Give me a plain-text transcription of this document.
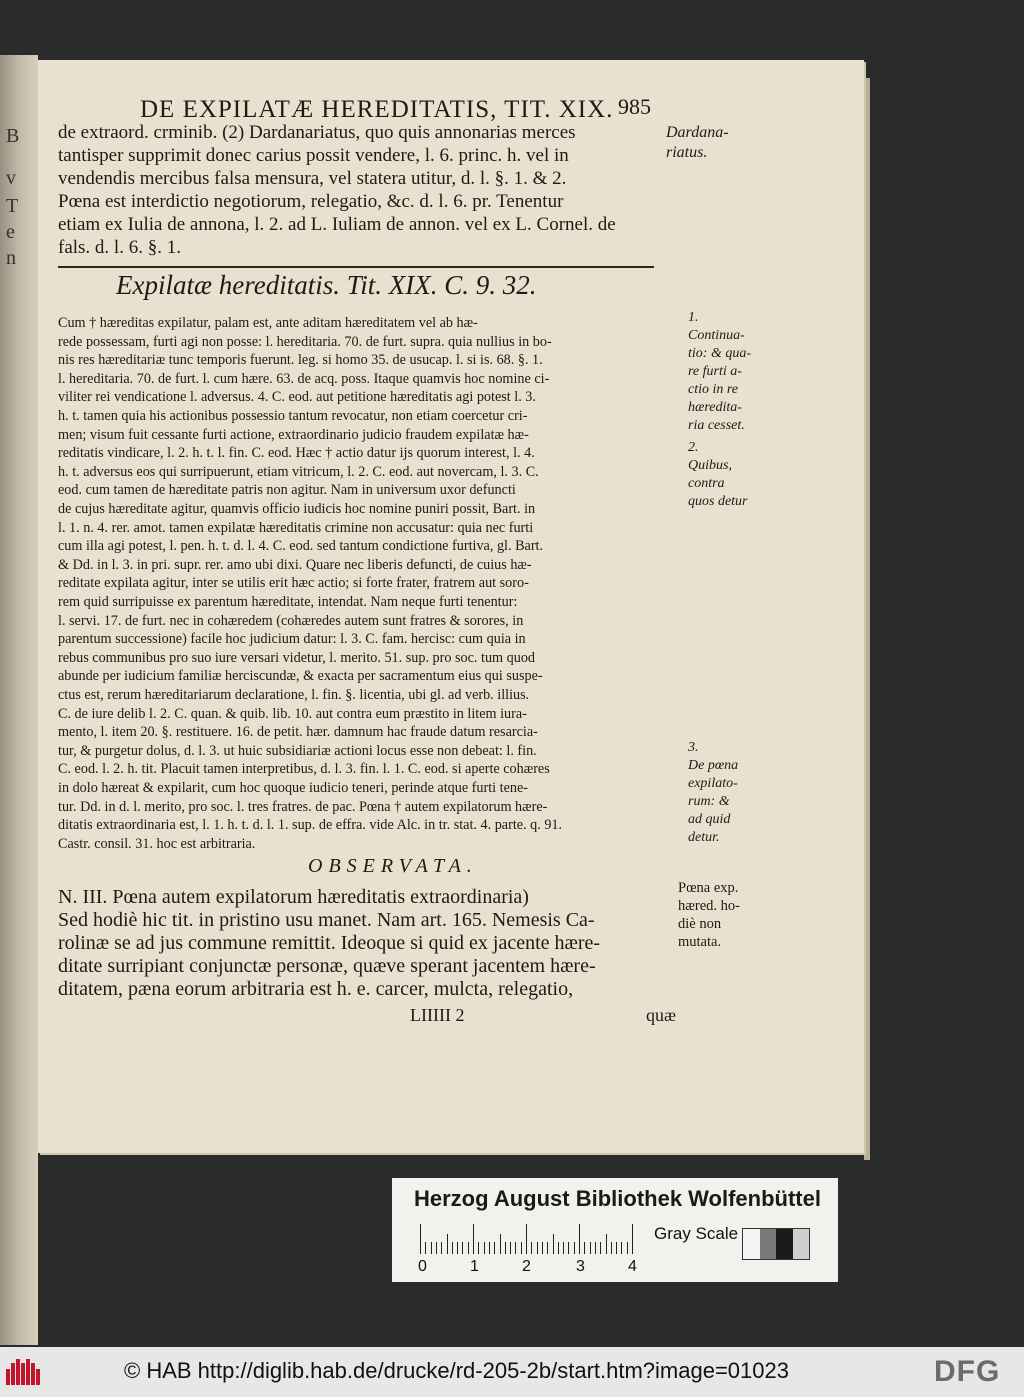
B
v
T
e
n
DE EXPILATÆ HEREDITATIS, TIT. XIX. 985
de extraord. crminib. (2) Dardanariatus, quo quis annonarias merces
tantisper supprimit donec carius possit vendere, l. 6. princ. h. vel in
vendendis mercibus falsa mensura, vel statera utitur, d. l. §. 1. & 2.
Pœna est interdictio negotiorum, relegatio, &c. d. l. 6. pr. Tenentur
etiam ex Iulia de annona, l. 2. ad L. Iuliam de annon. vel ex L. Cornel. de
fals. d. l. 6. §. 1.
Dardana-
riatus.
Expilatæ hereditatis. Tit. XIX. C. 9. 32.
Cum † hæreditas expilatur, palam est, ante aditam hæreditatem vel ab hæ-
rede possessam, furti agi non posse: l. hereditaria. 70. de furt. supra. quia nullius in bo-
nis res hæreditariæ tunc temporis fuerunt. leg. si homo 35. de usucap. l. si is. 68. §. 1.
l. hereditaria. 70. de furt. l. cum hære. 63. de acq. poss. Itaque quamvis hoc nomine ci-
viliter rei vendicatione l. adversus. 4. C. eod. aut petitione hæreditatis agi potest l. 3.
h. t. tamen quia his actionibus possessio tantum revocatur, non etiam coercetur cri-
men; visum fuit cessante furti actione, extraordinario judicio fraudem expilatæ hæ-
reditatis vindicare, l. 2. h. t. l. fin. C. eod. Hæc † actio datur ijs quorum interest, l. 4.
h. t. adversus eos qui surripuerunt, etiam vitricum, l. 2. C. eod. aut novercam, l. 3. C.
eod. cum tamen de hæreditate patris non agitur. Nam in universum uxor defuncti
de cujus hæreditate agitur, quamvis officio iudicis hoc nomine puniri possit, Bart. in
l. 1. n. 4. rer. amot. tamen expilatæ hæreditatis crimine non accusatur: quia nec furti
cum illa agi potest, l. pen. h. t. d. l. 4. C. eod. sed tantum condictione furtiva, gl. Bart.
& Dd. in l. 3. in pri. supr. rer. amo ubi dixi. Quare nec liberis defuncti, de cuius hæ-
reditate expilata agitur, inter se utilis erit hæc actio; si forte frater, fratrem aut soro-
rem quid surripuisse ex parentum hæreditate, intendat. Nam neque furti tenentur:
l. servi. 17. de furt. nec in cohæredem (cohæredes autem sunt fratres & sorores, in
parentum successione) facile hoc judicium datur: l. 3. C. fam. hercisc: cum quia in
rebus communibus pro suo iure versari videtur, l. merito. 51. sup. pro soc. tum quod
abunde per iudicium familiæ herciscundæ, & exacta per sacramentum eius qui suspe-
ctus est, rerum hæreditariarum declaratione, l. fin. §. licentia, ubi gl. ad verb. illius.
C. de iure delib l. 2. C. quan. & quib. lib. 10. aut contra eum præstito in litem iura-
mento, l. item 20. §. restituere. 16. de petit. hær. damnum hac fraude datum resarcia-
tur, & purgetur dolus, d. l. 3. ut huic subsidiariæ actioni locus esse non debeat: l. fin.
C. eod. l. 2. h. tit. Placuit tamen interpretibus, d. l. 3. fin. l. 1. C. eod. si aperte cohæres
in dolo hæreat & expilarit, cum hoc quoque iudicio teneri, perinde atque furti tene-
tur. Dd. in d. l. merito, pro soc. l. tres fratres. de pac. Pœna † autem expilatorum hære-
ditatis extraordinaria est, l. 1. h. t. d. l. 1. sup. de effra. vide Alc. in tr. stat. 4. parte. q. 91.
Castr. consil. 31. hoc est arbitraria.
1.
Continua-
tio: & qua-
re furti a-
ctio in re
hæredita-
ria cesset.
2.
Quibus,
contra
quos detur
3.
De pœna
expilato-
rum: &
ad quid
detur.
OBSERVATA.
N. III. Pœna autem expilatorum hæreditatis extraordinaria)
Sed hodiè hic tit. in pristino usu manet. Nam art. 165. Nemesis Ca-
rolinæ se ad jus commune remittit. Ideoque si quid ex jacente hære-
ditate surripiant conjunctæ personæ, quæve sperant jacentem hære-
ditatem, pæna eorum arbitraria est h. e. carcer, mulcta, relegatio,
Pœna exp.
hæred. ho-
diè non
mutata.
LIIIII 2	quæ
Herzog August Bibliothek Wolfenbüttel
0	1	2	3	4
Gray Scale
© HAB http://diglib.hab.de/drucke/rd-205-2b/start.htm?image=01023	DFG
